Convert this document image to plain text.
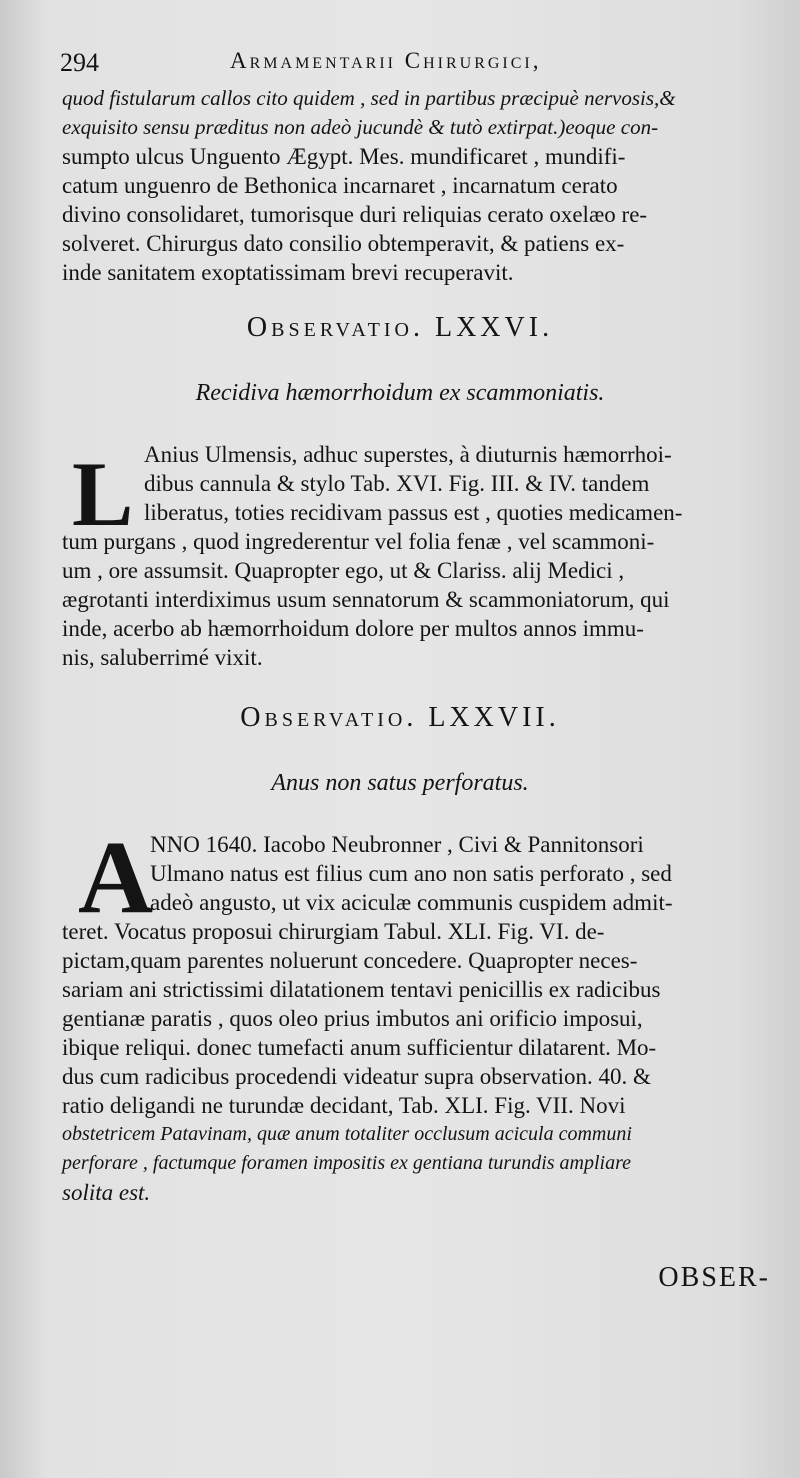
294	Armamentarii Chirurgici,
quod fistularum callos cito quidem , sed in partibus præcipuè nervosis,&
exquisito sensu præditus non adeò jucundè & tutò extirpat.)eoque con-
sumpto ulcus Unguento Ægypt. Mes. mundificaret , mundifi-
catum unguenro de Bethonica incarnaret , incarnatum cerato
divino consolidaret, tumorisque duri reliquias cerato oxelæo re-
solveret. Chirurgus dato consilio obtemperavit, & patiens ex-
inde sanitatem exoptatissimam brevi recuperavit.
Observatio. LXXVI.
Recidiva hæmorrhoidum ex scammoniatis.
L Anius Ulmensis, adhuc superstes, à diuturnis hæmorrhoi-
dibus cannula & stylo Tab. XVI. Fig. III. & IV. tandem
liberatus, toties recidivam passus est , quoties medicamen-
tum purgans , quod ingrederentur vel folia fenæ , vel scammoni-
um , ore assumsit. Quapropter ego, ut & Clariss. alij Medici ,
ægrotanti interdiximus usum sennatorum & scammoniatorum, qui
inde, acerbo ab hæmorrhoidum dolore per multos annos immu-
nis, saluberrimé vixit.
Observatio. LXXVII.
Anus non satus perforatus.
A
NNO 1640. Iacobo Neubronner , Civi & Pannitonsori
Ulmano natus est filius cum ano non satis perforato , sed
adeò angusto, ut vix aciculæ communis cuspidem admit-
teret. Vocatus proposui chirurgiam Tabul. XLI. Fig. VI. de-
pictam,quam parentes noluerunt concedere. Quapropter neces-
sariam ani strictissimi dilatationem tentavi penicillis ex radicibus
gentianæ paratis , quos oleo prius imbutos ani orificio imposui,
ibique reliqui. donec tumefacti anum sufficientur dilatarent. Mo-
dus cum radicibus procedendi videatur supra observation. 40. &
ratio deligandi ne turundæ decidant, Tab. XLI. Fig. VII. Novi
obstetricem Patavinam, quæ anum totaliter occlusum acicula communi
perforare , factumque foramen impositis ex gentiana turundis ampliare
solita est.
OBSER-
